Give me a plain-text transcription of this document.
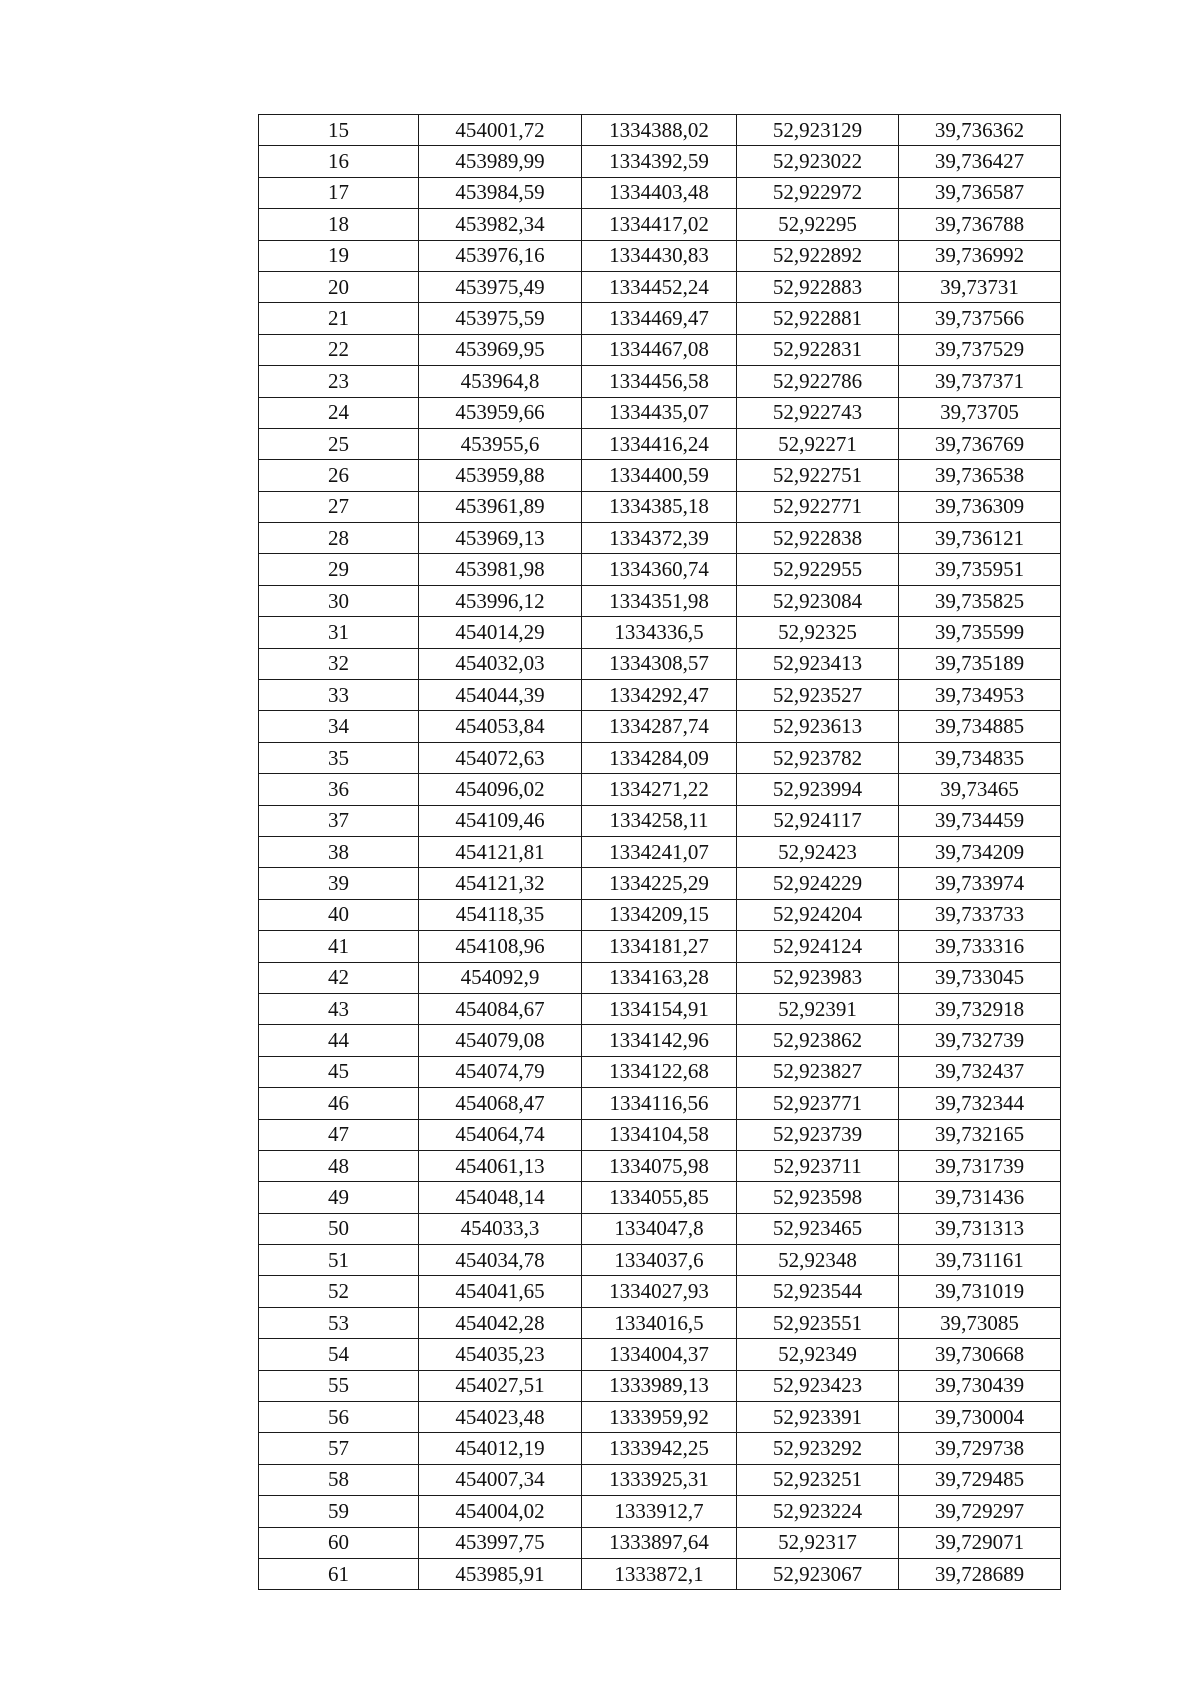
15	454001,72	1334388,02	52,923129	39,736362
16	453989,99	1334392,59	52,923022	39,736427
17	453984,59	1334403,48	52,922972	39,736587
18	453982,34	1334417,02	52,92295	39,736788
19	453976,16	1334430,83	52,922892	39,736992
20	453975,49	1334452,24	52,922883	39,73731
21	453975,59	1334469,47	52,922881	39,737566
22	453969,95	1334467,08	52,922831	39,737529
23	453964,8	1334456,58	52,922786	39,737371
24	453959,66	1334435,07	52,922743	39,73705
25	453955,6	1334416,24	52,92271	39,736769
26	453959,88	1334400,59	52,922751	39,736538
27	453961,89	1334385,18	52,922771	39,736309
28	453969,13	1334372,39	52,922838	39,736121
29	453981,98	1334360,74	52,922955	39,735951
30	453996,12	1334351,98	52,923084	39,735825
31	454014,29	1334336,5	52,92325	39,735599
32	454032,03	1334308,57	52,923413	39,735189
33	454044,39	1334292,47	52,923527	39,734953
34	454053,84	1334287,74	52,923613	39,734885
35	454072,63	1334284,09	52,923782	39,734835
36	454096,02	1334271,22	52,923994	39,73465
37	454109,46	1334258,11	52,924117	39,734459
38	454121,81	1334241,07	52,92423	39,734209
39	454121,32	1334225,29	52,924229	39,733974
40	454118,35	1334209,15	52,924204	39,733733
41	454108,96	1334181,27	52,924124	39,733316
42	454092,9	1334163,28	52,923983	39,733045
43	454084,67	1334154,91	52,92391	39,732918
44	454079,08	1334142,96	52,923862	39,732739
45	454074,79	1334122,68	52,923827	39,732437
46	454068,47	1334116,56	52,923771	39,732344
47	454064,74	1334104,58	52,923739	39,732165
48	454061,13	1334075,98	52,923711	39,731739
49	454048,14	1334055,85	52,923598	39,731436
50	454033,3	1334047,8	52,923465	39,731313
51	454034,78	1334037,6	52,92348	39,731161
52	454041,65	1334027,93	52,923544	39,731019
53	454042,28	1334016,5	52,923551	39,73085
54	454035,23	1334004,37	52,92349	39,730668
55	454027,51	1333989,13	52,923423	39,730439
56	454023,48	1333959,92	52,923391	39,730004
57	454012,19	1333942,25	52,923292	39,729738
58	454007,34	1333925,31	52,923251	39,729485
59	454004,02	1333912,7	52,923224	39,729297
60	453997,75	1333897,64	52,92317	39,729071
61	453985,91	1333872,1	52,923067	39,728689
